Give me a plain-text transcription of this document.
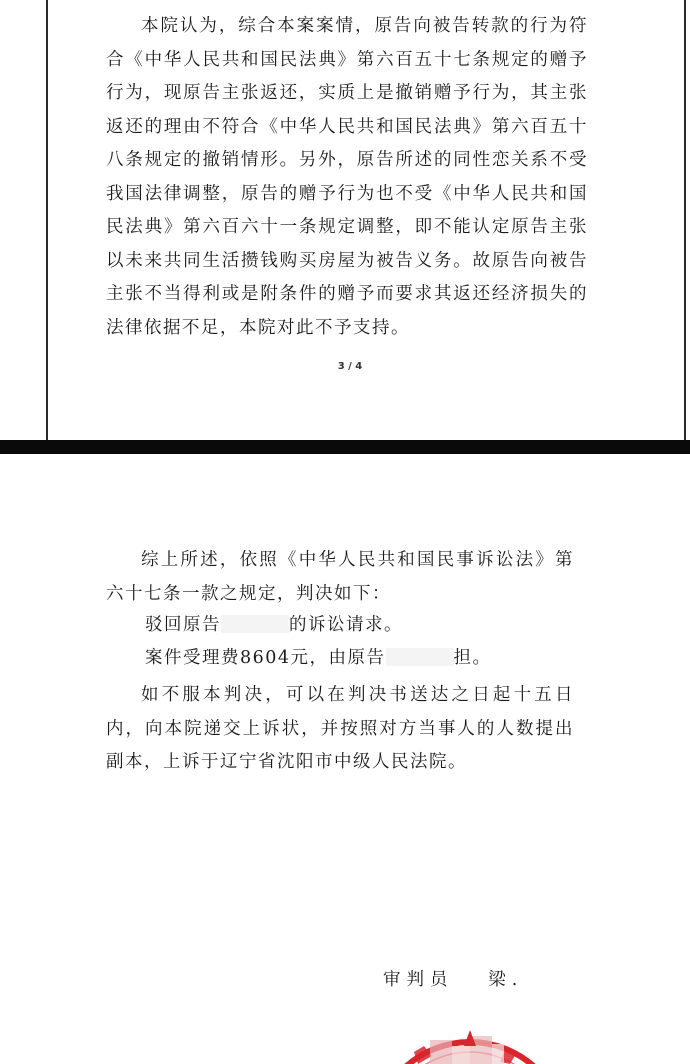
本院认为，综合本案案情，原告向被告转款的行为符合《中华人民共和国民法典》第六百五十七条规定的赠予行为，现原告主张返还，实质上是撤销赠予行为，其主张返还的理由不符合《中华人民共和国民法典》第六百五十八条规定的撤销情形。另外，原告所述的同性恋关系不受我国法律调整，原告的赠予行为也不受《中华人民共和国民法典》第六百六十一条规定调整，即不能认定原告主张以未来共同生活攒钱购买房屋为被告义务。故原告向被告主张不当得利或是附条件的赠予而要求其返还经济损失的法律依据不足，本院对此不予支持。

3 / 4

综上所述，依照《中华人民共和国民事诉讼法》第六十七条一款之规定，判决如下：

驳回原告	的诉讼请求。

案件受理费8604元，由原告	担。

如不服本判决，可以在判决书送达之日起十五日内，向本院递交上诉状，并按照对方当事人的人数提出副本，上诉于辽宁省沈阳市中级人民法院。

审判员 梁.
